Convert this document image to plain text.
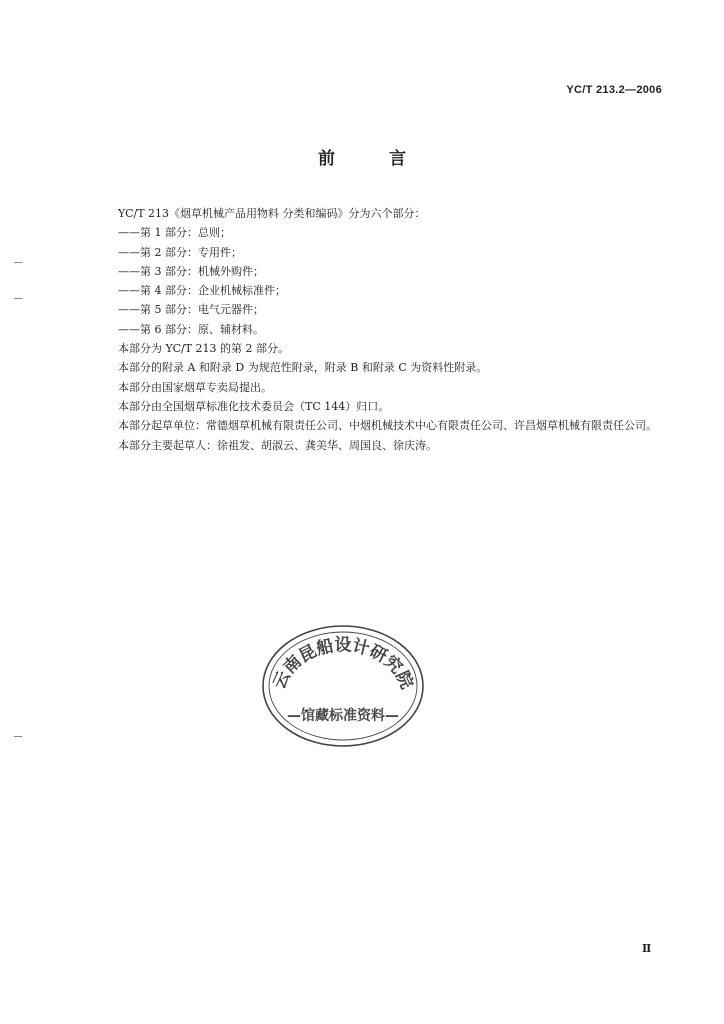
YC/T 213.2—2006
前 言
YC/T 213《烟草机械产品用物料 分类和编码》分为六个部分：
——第 1 部分：总则；
——第 2 部分：专用件；
——第 3 部分：机械外购件；
——第 4 部分：企业机械标准件；
——第 5 部分：电气元器件；
——第 6 部分：原、辅材料。
本部分为 YC/T 213 的第 2 部分。
本部分的附录 A 和附录 D 为规范性附录，附录 B 和附录 C 为资料性附录。
本部分由国家烟草专卖局提出。
本部分由全国烟草标准化技术委员会（TC 144）归口。
本部分起草单位：常德烟草机械有限责任公司、中烟机械技术中心有限责任公司、许昌烟草机械有限责任公司。
本部分主要起草人：徐祖发、胡淑云、龚美华、周国良、徐庆涛。
云南昆船设计研究院
—馆藏标准资料—
Ⅱ
